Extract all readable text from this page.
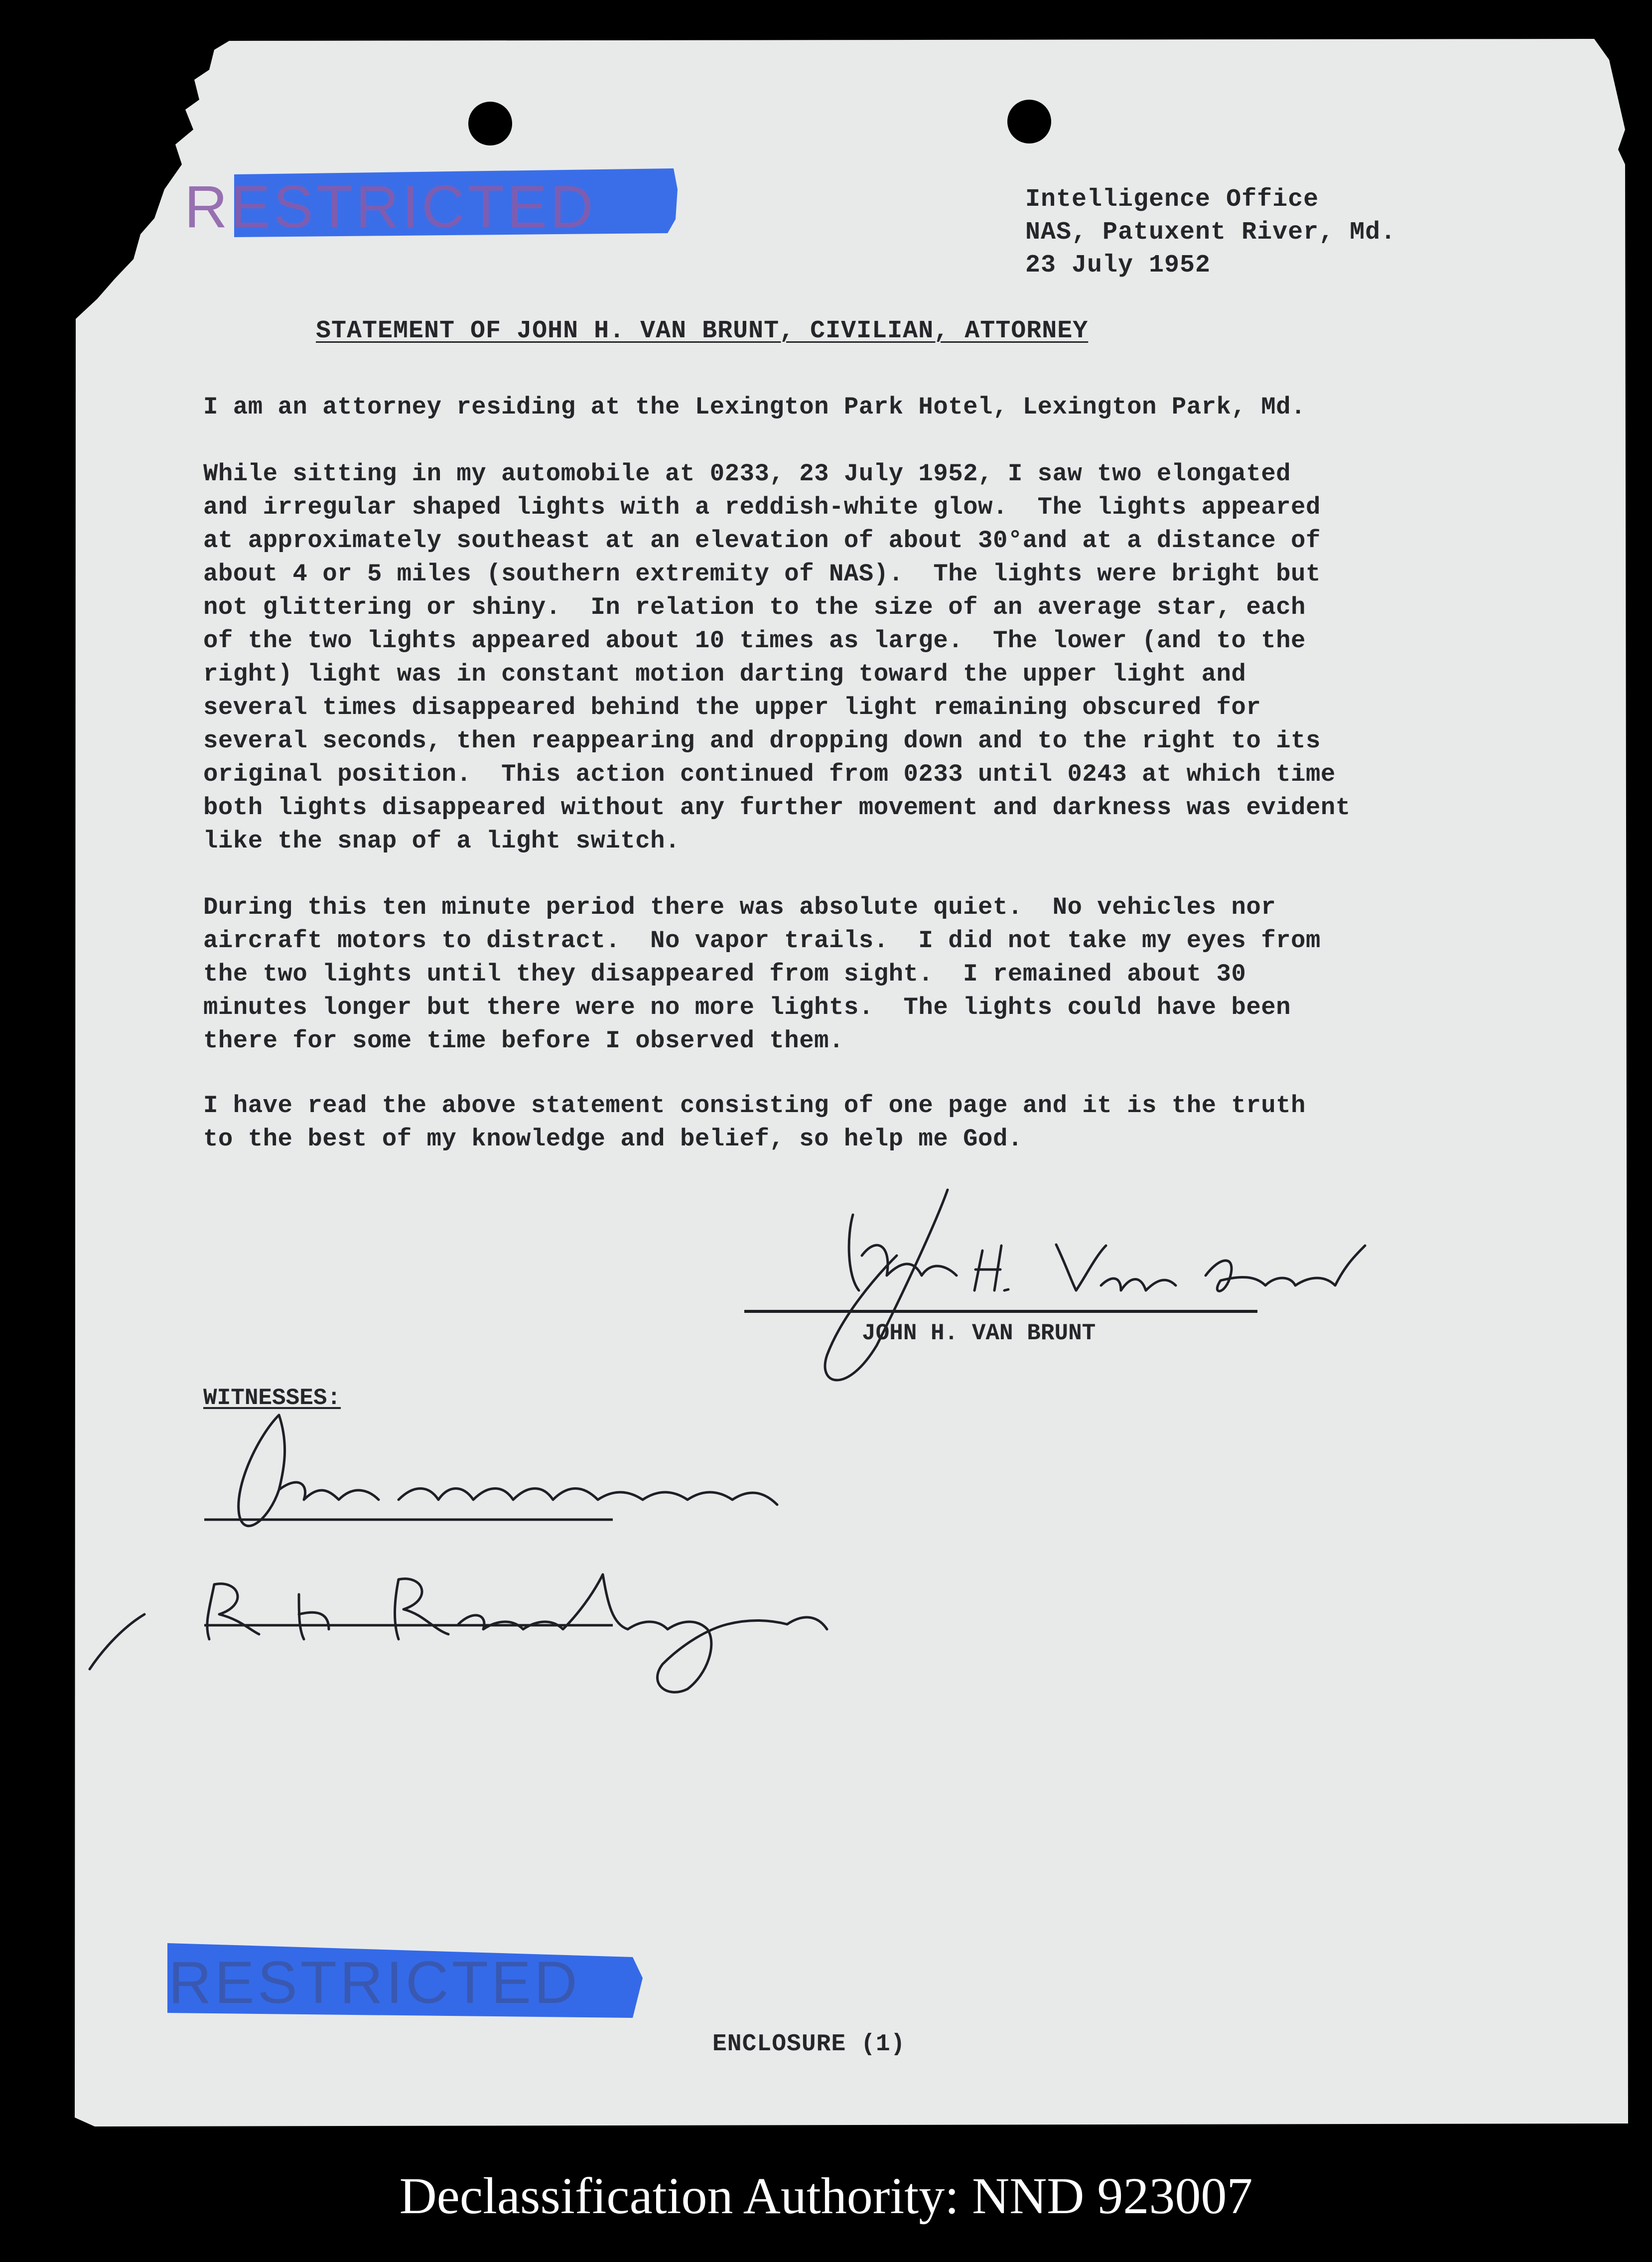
RESTRICTED
RESTRICTED
Intelligence Office
NAS, Patuxent River, Md.
23 July 1952
STATEMENT OF JOHN H. VAN BRUNT, CIVILIAN, ATTORNEY
I am an attorney residing at the Lexington Park Hotel, Lexington Park, Md.
While sitting in my automobile at 0233, 23 July 1952, I saw two elongated
and irregular shaped lights with a reddish-white glow.  The lights appeared
at approximately southeast at an elevation of about 30°and at a distance of
about 4 or 5 miles (southern extremity of NAS).  The lights were bright but
not glittering or shiny.  In relation to the size of an average star, each
of the two lights appeared about 10 times as large.  The lower (and to the
right) light was in constant motion darting toward the upper light and
several times disappeared behind the upper light remaining obscured for
several seconds, then reappearing and dropping down and to the right to its
original position.  This action continued from 0233 until 0243 at which time
both lights disappeared without any further movement and darkness was evident
like the snap of a light switch.
During this ten minute period there was absolute quiet.  No vehicles nor
aircraft motors to distract.  No vapor trails.  I did not take my eyes from
the two lights until they disappeared from sight.  I remained about 30
minutes longer but there were no more lights.  The lights could have been
there for some time before I observed them.
I have read the above statement consisting of one page and it is the truth
to the best of my knowledge and belief, so help me God.
JOHN H. VAN BRUNT
WITNESSES:
ENCLOSURE (1)
Declassification Authority: NND 923007
